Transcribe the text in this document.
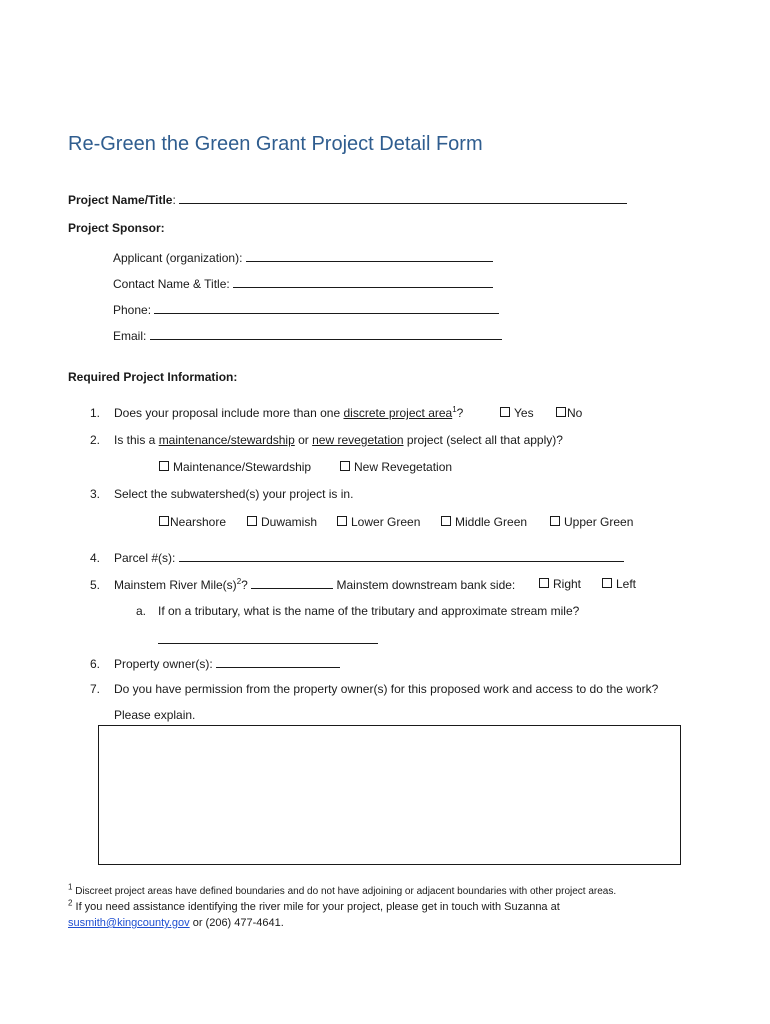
Re-Green the Green Grant Project Detail Form
Project Name/Title:
Project Sponsor:
Applicant (organization):
Contact Name & Title:
Phone:
Email:
Required Project Information:
1. Does your proposal include more than one discrete project area$^1$?	Yes	No
2. Is this a maintenance/stewardship or new revegetation project (select all that apply)?
Maintenance/Stewardship	New Revegetation
3. Select the subwatershed(s) your project is in.
Nearshore	Duwamish	Lower Green	Middle Green	Upper Green
4. Parcel #(s):
5. Mainstem River $Mile(s)^2$?	Mainstem downstream bank side:	Right	Left
a. If on a tributary, what is the name of the tributary and approximate stream mile?
6. Property owner(s):
7. Do you have permission from the property owner(s) for this proposed work and access to do the work?
Please explain.
$^1$ Discreet project areas have defined boundaries and do not have adjoining or adjacent boundaries with other project areas.
$^2$ If you need assistance identifying the river mile for your project, please get in touch with Suzanna at
susmith@kingcounty.gov or (206) 477-4641.
